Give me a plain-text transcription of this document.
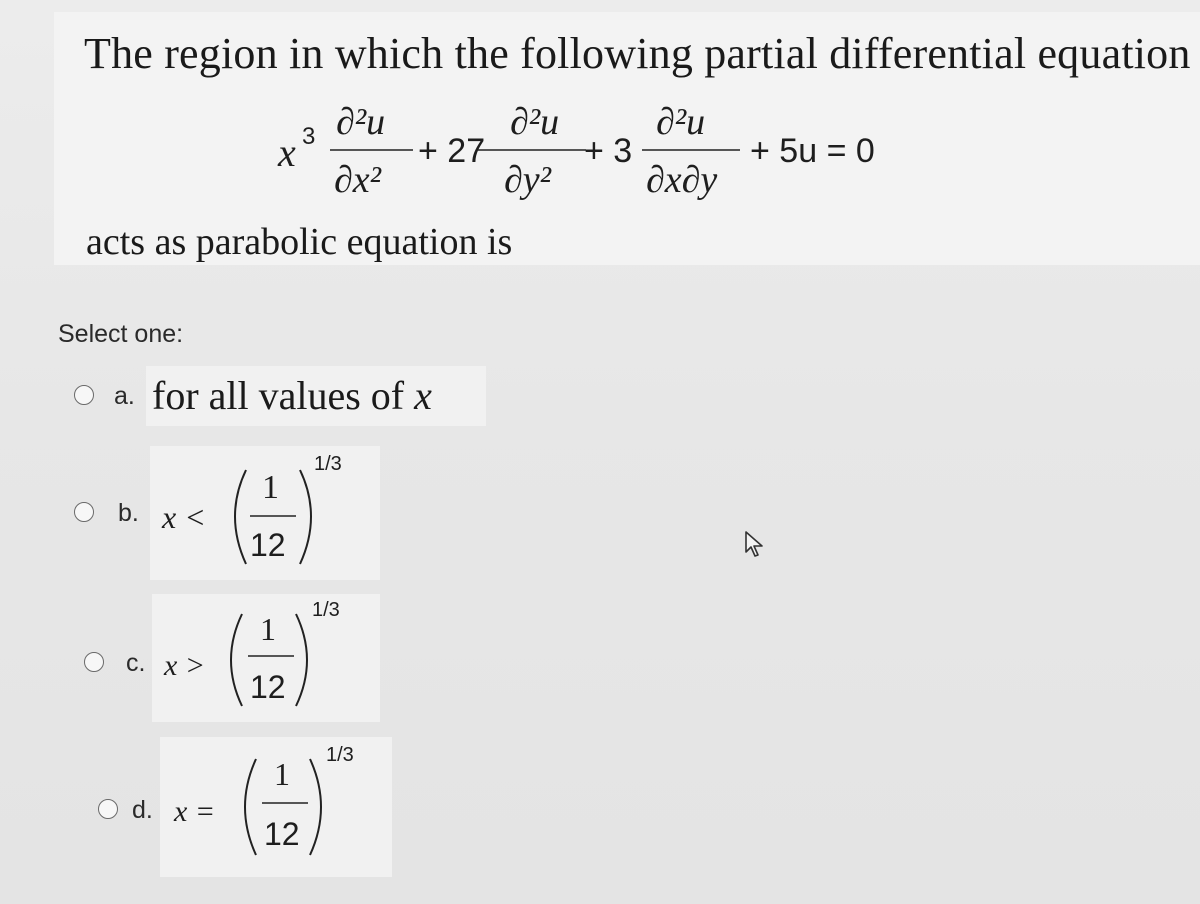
The region in which the following partial differential equation
x 3 ∂²u
∂x²
+ 27
∂²u
∂y²
+ 3
∂²u
∂x∂y
+ 5u = 0
acts as parabolic equation is
Select one:
a. for all values of x
b. x <
1
12
1/3
c. x >
1
12
1/3
d. x =
1
12
1/3
